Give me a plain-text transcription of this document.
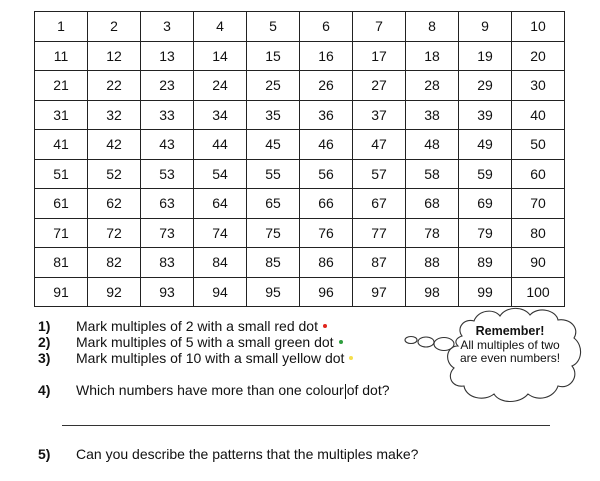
1	2	3	4	5	6	7	8	9	10
11	12	13	14	15	16	17	18	19	20
21	22	23	24	25	26	27	28	29	30
31	32	33	34	35	36	37	38	39	40
41	42	43	44	45	46	47	48	49	50
51	52	53	54	55	56	57	58	59	60
61	62	63	64	65	66	67	68	69	70
71	72	73	74	75	76	77	78	79	80
81	82	83	84	85	86	87	88	89	90
91	92	93	94	95	96	97	98	99	100
1) Mark multiples of 2 with a small red dot
2) Mark multiples of 5 with a small green dot
3) Mark multiples of 10 with a small yellow dot
4) Which numbers have more than one colour of dot?
5) Can you describe the patterns that the multiples make?
Remember!
All multiples of two are even numbers!
